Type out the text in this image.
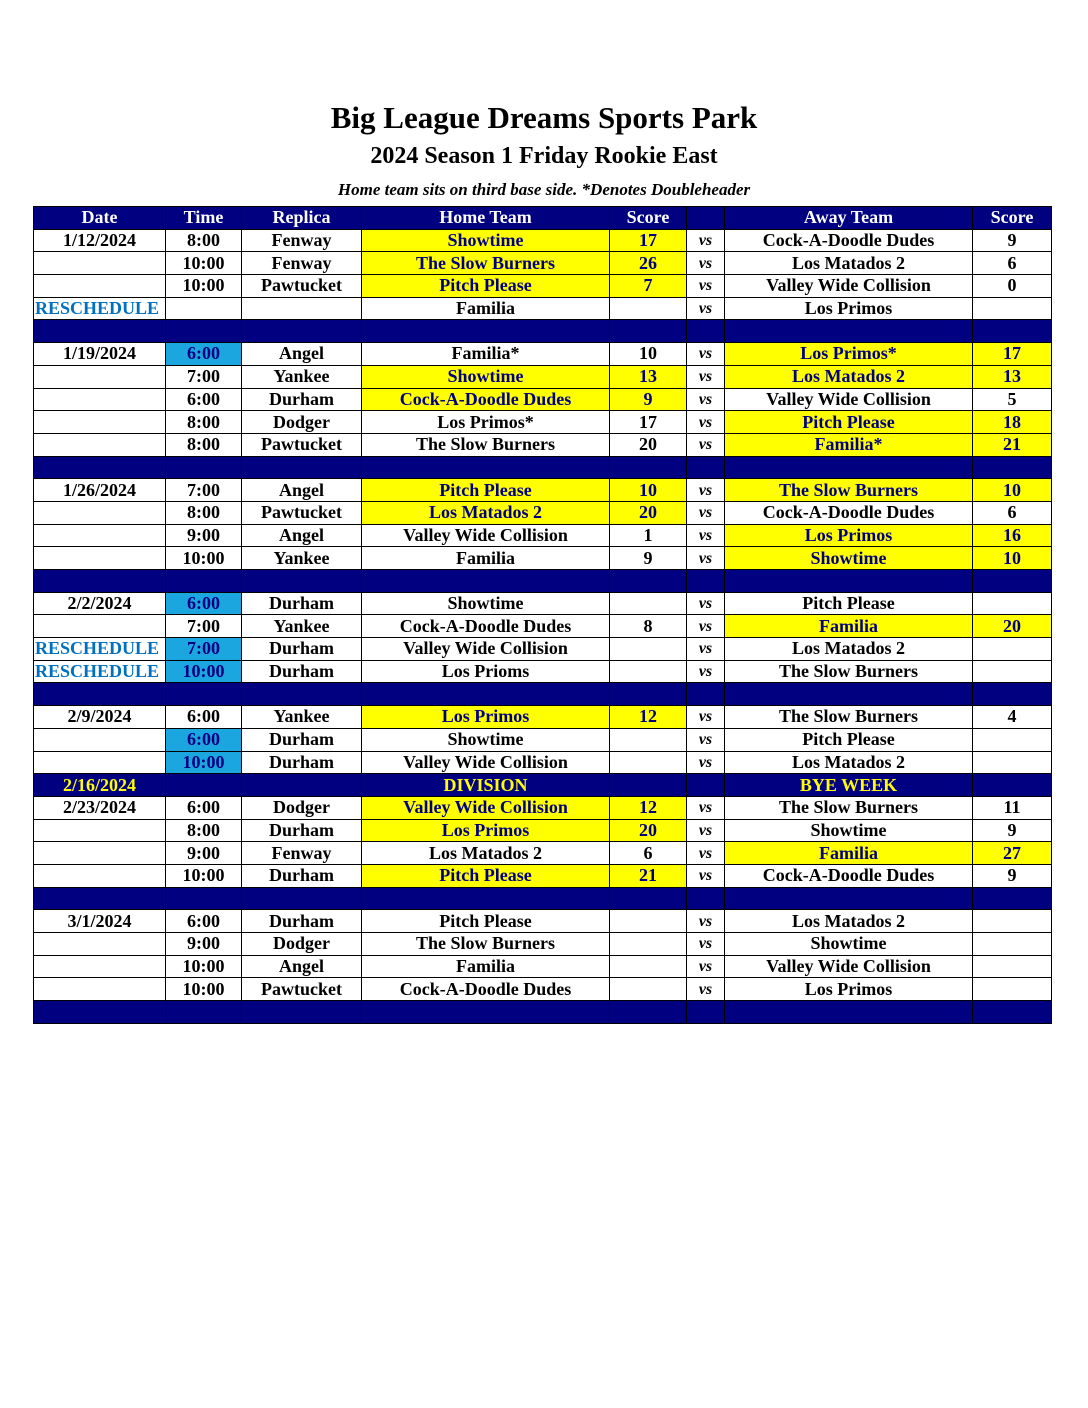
Big League Dreams Sports Park
2024 Season 1 Friday Rookie East
Home team sits on third base side. *Denotes Doubleheader
Date	Time	Replica	Home Team	Score		Away Team	Score
1/12/2024	8:00	Fenway	Showtime	17	vs	Cock-A-Doodle Dudes	9
	10:00	Fenway	The Slow Burners	26	vs	Los Matados 2	6
	10:00	Pawtucket	Pitch Please	7	vs	Valley Wide Collision	0
RESCHEDULE			Familia		vs	Los Primos	

1/19/2024	6:00	Angel	Familia*	10	vs	Los Primos*	17
	7:00	Yankee	Showtime	13	vs	Los Matados 2	13
	6:00	Durham	Cock-A-Doodle Dudes	9	vs	Valley Wide Collision	5
	8:00	Dodger	Los Primos*	17	vs	Pitch Please	18
	8:00	Pawtucket	The Slow Burners	20	vs	Familia*	21

1/26/2024	7:00	Angel	Pitch Please	10	vs	The Slow Burners	10
	8:00	Pawtucket	Los Matados 2	20	vs	Cock-A-Doodle Dudes	6
	9:00	Angel	Valley Wide Collision	1	vs	Los Primos	16
	10:00	Yankee	Familia	9	vs	Showtime	10

2/2/2024	6:00	Durham	Showtime		vs	Pitch Please	
	7:00	Yankee	Cock-A-Doodle Dudes	8	vs	Familia	20
RESCHEDULE	7:00	Durham	Valley Wide Collision		vs	Los Matados 2	
RESCHEDULE	10:00	Durham	Los Prioms		vs	The Slow Burners	

2/9/2024	6:00	Yankee	Los Primos	12	vs	The Slow Burners	4
	6:00	Durham	Showtime		vs	Pitch Please	
	10:00	Durham	Valley Wide Collision		vs	Los Matados 2	
2/16/2024			DIVISION			BYE WEEK	
2/23/2024	6:00	Dodger	Valley Wide Collision	12	vs	The Slow Burners	11
	8:00	Durham	Los Primos	20	vs	Showtime	9
	9:00	Fenway	Los Matados 2	6	vs	Familia	27
	10:00	Durham	Pitch Please	21	vs	Cock-A-Doodle Dudes	9

3/1/2024	6:00	Durham	Pitch Please		vs	Los Matados 2	
	9:00	Dodger	The Slow Burners		vs	Showtime	
	10:00	Angel	Familia		vs	Valley Wide Collision	
	10:00	Pawtucket	Cock-A-Doodle Dudes		vs	Los Primos	
